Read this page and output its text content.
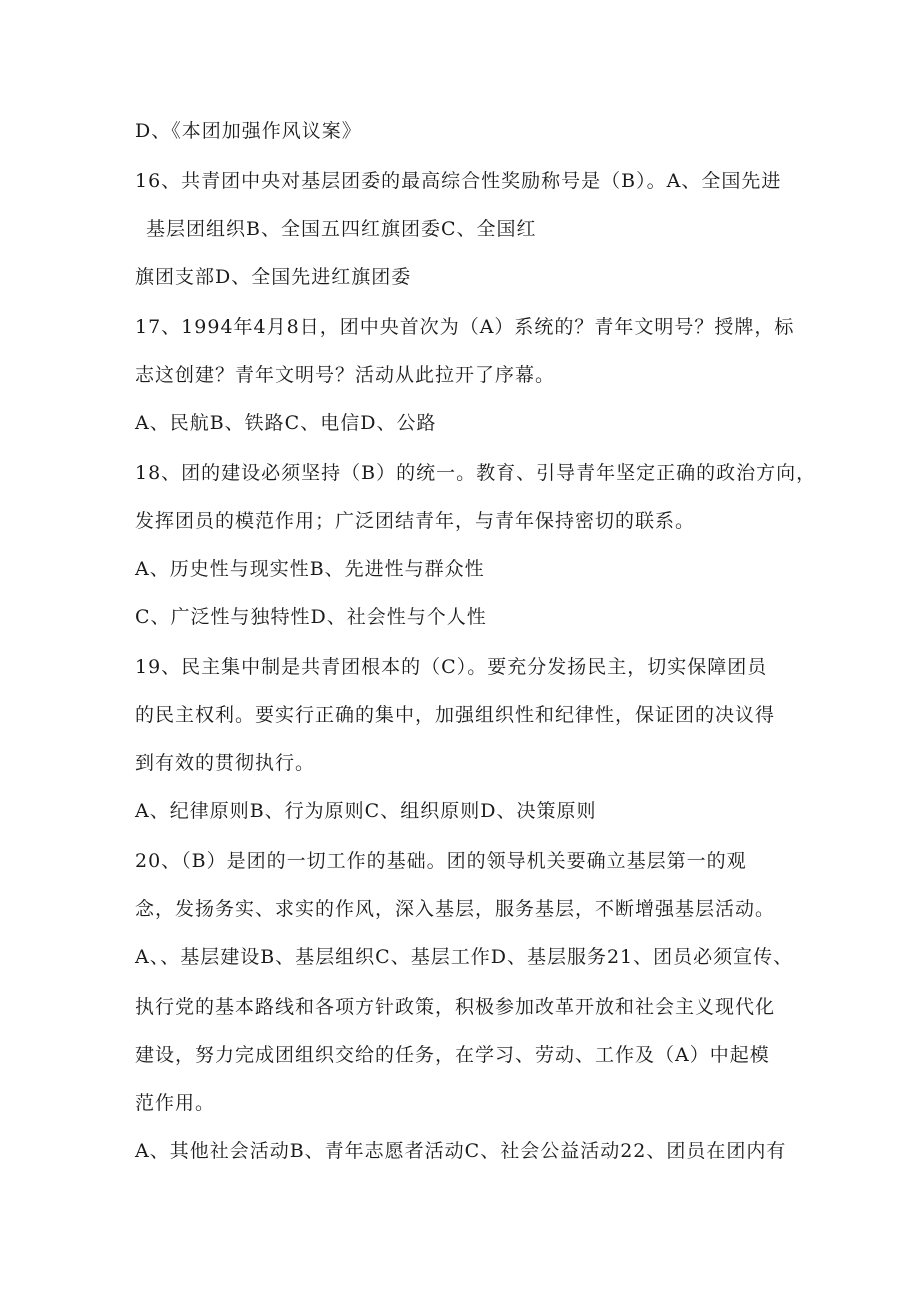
D、《本团加强作风议案》

16、共青团中央对基层团委的最高综合性奖励称号是（B）。A、全国先进

基层团组织B、全国五四红旗团委C、全国红

旗团支部D、全国先进红旗团委

17、1994年4月8日，团中央首次为（A）系统的？青年文明号？授牌，标

志这创建？青年文明号？活动从此拉开了序幕。

A、民航B、铁路C、电信D、公路

18、团的建设必须坚持（B）的统一。教育、引导青年坚定正确的政治方向，

发挥团员的模范作用；广泛团结青年，与青年保持密切的联系。

A、历史性与现实性B、先进性与群众性

C、广泛性与独特性D、社会性与个人性

19、民主集中制是共青团根本的（C）。要充分发扬民主，切实保障团员

的民主权利。要实行正确的集中，加强组织性和纪律性，保证团的决议得

到有效的贯彻执行。

A、纪律原则B、行为原则C、组织原则D、决策原则

20、（B）是团的一切工作的基础。团的领导机关要确立基层第一的观

念，发扬务实、求实的作风，深入基层，服务基层，不断增强基层活动。

A、、基层建设B、基层组织C、基层工作D、基层服务21、团员必须宣传、

执行党的基本路线和各项方针政策，积极参加改革开放和社会主义现代化

建设，努力完成团组织交给的任务，在学习、劳动、工作及（A）中起模

范作用。

A、其他社会活动B、青年志愿者活动C、社会公益活动22、团员在团内有
